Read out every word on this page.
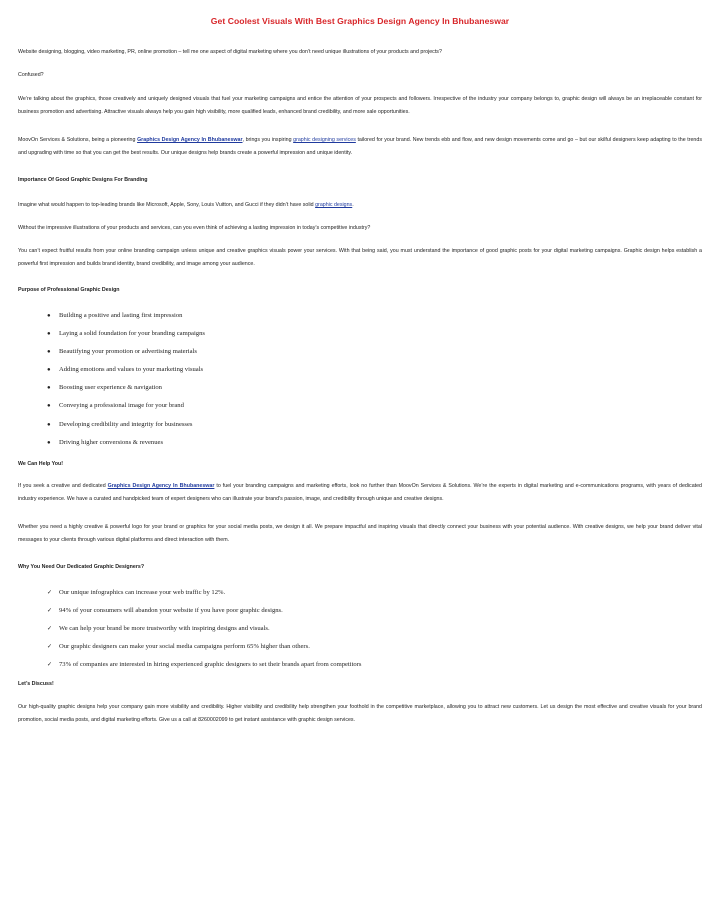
Get Coolest Visuals With Best Graphics Design Agency In Bhubaneswar
Website designing, blogging, video marketing, PR, online promotion – tell me one aspect of digital marketing where you don’t need unique illustrations of your products and projects?
Confused?
We’re talking about the graphics, those creatively and uniquely designed visuals that fuel your marketing campaigns and entice the attention of your prospects and followers. Irrespective of the industry your company belongs to, graphic design will always be an irreplaceable constant for business promotion and advertising. Attractive visuals always help you gain high visibility, more qualified leads, enhanced brand credibility, and more sale opportunities.
MoovOn Services & Solutions, being a pioneering Graphics Design Agency In Bhubaneswar, brings you inspiring graphic designing services tailored for your brand. New trends ebb and flow, and new design movements come and go – but our skilful designers keep adapting to the trends and upgrading with time so that you can get the best results. Our unique designs help brands create a powerful impression and unique identity.
Importance Of Good Graphic Designs For Branding
Imagine what would happen to top-leading brands like Microsoft, Apple, Sony, Louis Vuitton, and Gucci if they didn’t have solid graphic designs.
Without the impressive illustrations of your products and services, can you even think of achieving a lasting impression in today’s competitive industry?
You can’t expect fruitful results from your online branding campaign unless unique and creative graphics visuals power your services. With that being said, you must understand the importance of good graphic posts for your digital marketing campaigns. Graphic design helps establish a powerful first impression and builds brand identity, brand credibility, and image among your audience.
Purpose of Professional Graphic Design
● Building a positive and lasting first impression
● Laying a solid foundation for your branding campaigns
● Beautifying your promotion or advertising materials
● Adding emotions and values to your marketing visuals
● Boosting user experience & navigation
● Conveying a professional image for your brand
● Developing credibility and integrity for businesses
● Driving higher conversions & revenues
We Can Help You!
If you seek a creative and dedicated Graphics Design Agency In Bhubaneswar to fuel your branding campaigns and marketing efforts, look no further than MoovOn Services & Solutions. We’re the experts in digital marketing and e-communications programs, with years of dedicated industry experience. We have a curated and handpicked team of expert designers who can illustrate your brand’s passion, image, and credibility through unique and creative designs.
Whether you need a highly creative & powerful logo for your brand or graphics for your social media posts, we design it all. We prepare impactful and inspiring visuals that directly connect your business with your potential audience. With creative designs, we help your brand deliver vital messages to your clients through various digital platforms and direct interaction with them.
Why You Need Our Dedicated Graphic Designers?
✓ Our unique infographics can increase your web traffic by 12%.
✓ 94% of your consumers will abandon your website if you have poor graphic designs.
✓ We can help your brand be more trustworthy with inspiring designs and visuals.
✓ Our graphic designers can make your social media campaigns perform 65% higher than others.
✓ 73% of companies are interested in hiring experienced graphic designers to set their brands apart from competitors
Let’s Discuss!
Our high-quality graphic designs help your company gain more visibility and credibility. Higher visibility and credibility help strengthen your foothold in the competitive marketplace, allowing you to attract new customers. Let us design the most effective and creative visuals for your brand promotion, social media posts, and digital marketing efforts. Give us a call at 8260002099 to get instant assistance with graphic design services.
